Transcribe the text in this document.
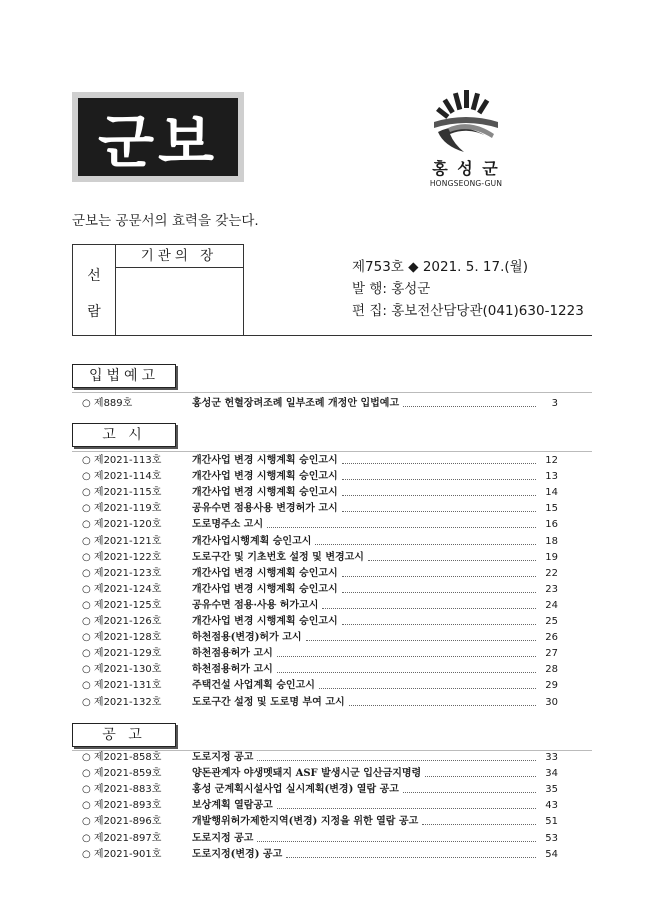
군보	홍 성 군
HONGSEONG-GUN
군보는 공문서의 효력을 갖는다.
선
람
기관의 장
제753호 ◆ 2021. 5. 17.(월)
발 행: 홍성군
편 집: 홍보전산담당관(041)630-1223
입법예고
○ 제889호	홍성군 헌혈장려조례 일부조례 개정안 입법예고	3
고 시
○ 제2021-113호	개간사업 변경 시행계획 승인고시	12
○ 제2021-114호	개간사업 변경 시행계획 승인고시	13
○ 제2021-115호	개간사업 변경 시행계획 승인고시	14
○ 제2021-119호	공유수면 점용사용 변경허가 고시	15
○ 제2021-120호	도로명주소 고시	16
○ 제2021-121호	개간사업시행계획 승인고시	18
○ 제2021-122호	도로구간 및 기초번호 설정 및 변경고시	19
○ 제2021-123호	개간사업 변경 시행계획 승인고시	22
○ 제2021-124호	개간사업 변경 시행계획 승인고시	23
○ 제2021-125호	공유수면 점용·사용 허가고시	24
○ 제2021-126호	개간사업 변경 시행계획 승인고시	25
○ 제2021-128호	하천점용(변경)허가 고시	26
○ 제2021-129호	하천점용허가 고시	27
○ 제2021-130호	하천점용허가 고시	28
○ 제2021-131호	주택건설 사업계획 승인고시	29
○ 제2021-132호	도로구간 설정 및 도로명 부여 고시	30
공 고
○ 제2021-858호	도로지정 공고	33
○ 제2021-859호	양돈관계자 야생멧돼지 ASF 발생시군 입산금지명령	34
○ 제2021-883호	홍성 군계획시설사업 실시계획(변경) 열람 공고	35
○ 제2021-893호	보상계획 열람공고	43
○ 제2021-896호	개발행위허가제한지역(변경) 지정을 위한 열람 공고	51
○ 제2021-897호	도로지정 공고	53
○ 제2021-901호	도로지정(변경) 공고	54
